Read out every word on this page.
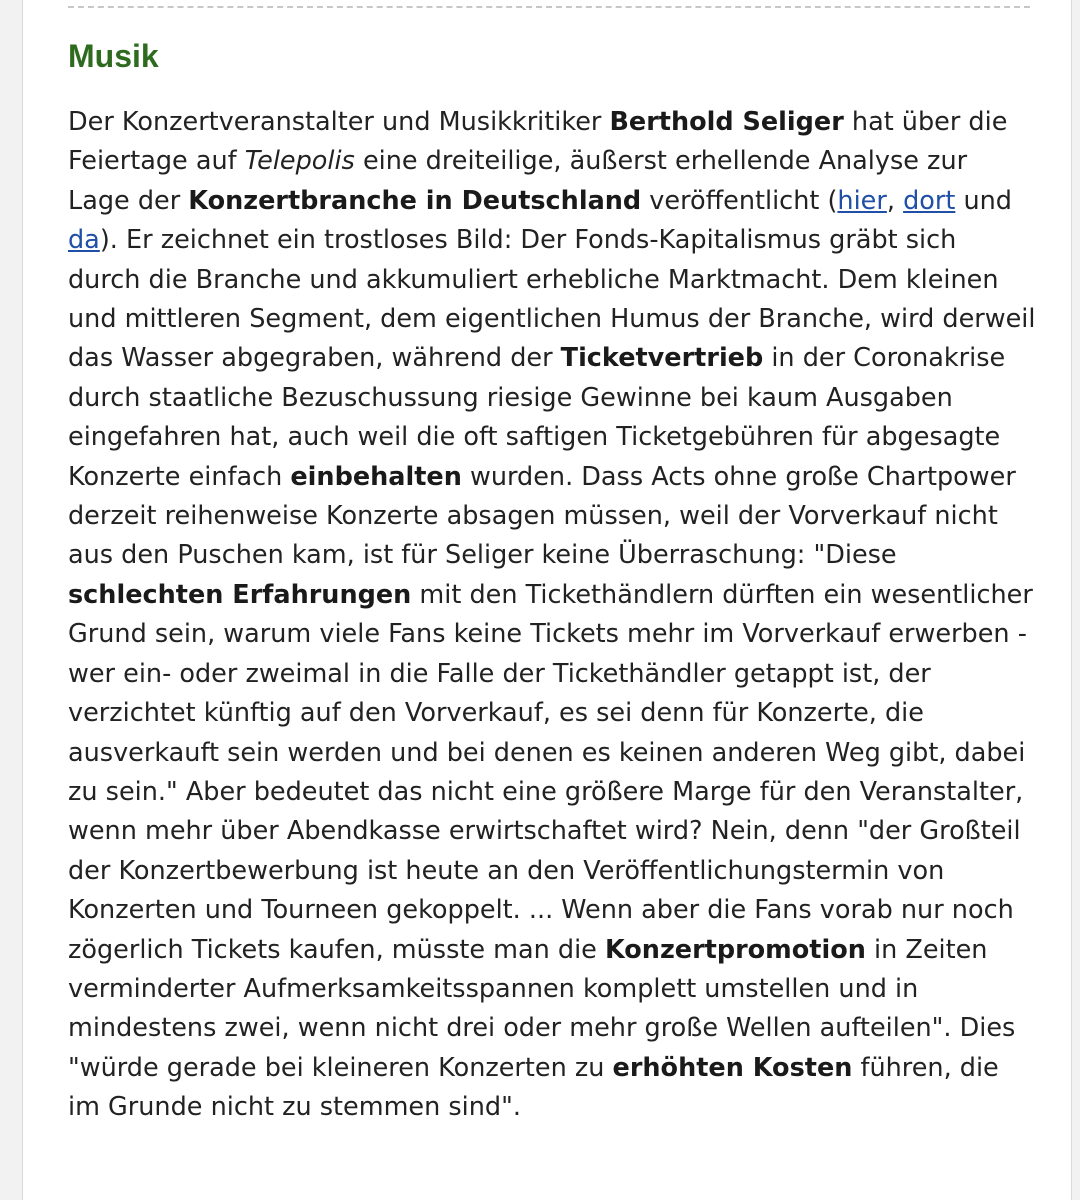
Musik

Der Konzertveranstalter und Musikkritiker Berthold Seliger hat über die Feiertage auf Telepolis eine dreiteilige, äußerst erhellende Analyse zur Lage der Konzertbranche in Deutschland veröffentlicht (hier, dort und da). Er zeichnet ein trostloses Bild: Der Fonds-Kapitalismus gräbt sich durch die Branche und akkumuliert erhebliche Marktmacht. Dem kleinen und mittleren Segment, dem eigentlichen Humus der Branche, wird derweil das Wasser abgegraben, während der Ticketvertrieb in der Coronakrise durch staatliche Bezuschussung riesige Gewinne bei kaum Ausgaben eingefahren hat, auch weil die oft saftigen Ticketgebühren für abgesagte Konzerte einfach einbehalten wurden. Dass Acts ohne große Chartpower derzeit reihenweise Konzerte absagen müssen, weil der Vorverkauf nicht aus den Puschen kam, ist für Seliger keine Überraschung: "Diese schlechten Erfahrungen mit den Tickethändlern dürften ein wesentlicher Grund sein, warum viele Fans keine Tickets mehr im Vorverkauf erwerben - wer ein- oder zweimal in die Falle der Tickethändler getappt ist, der verzichtet künftig auf den Vorverkauf, es sei denn für Konzerte, die ausverkauft sein werden und bei denen es keinen anderen Weg gibt, dabei zu sein." Aber bedeutet das nicht eine größere Marge für den Veranstalter, wenn mehr über Abendkasse erwirtschaftet wird? Nein, denn "der Großteil der Konzertbewerbung ist heute an den Veröffentlichungstermin von Konzerten und Tourneen gekoppelt. ... Wenn aber die Fans vorab nur noch zögerlich Tickets kaufen, müsste man die Konzertpromotion in Zeiten verminderter Aufmerksamkeitsspannen komplett umstellen und in mindestens zwei, wenn nicht drei oder mehr große Wellen aufteilen". Dies "würde gerade bei kleineren Konzerten zu erhöhten Kosten führen, die im Grunde nicht zu stemmen sind".
